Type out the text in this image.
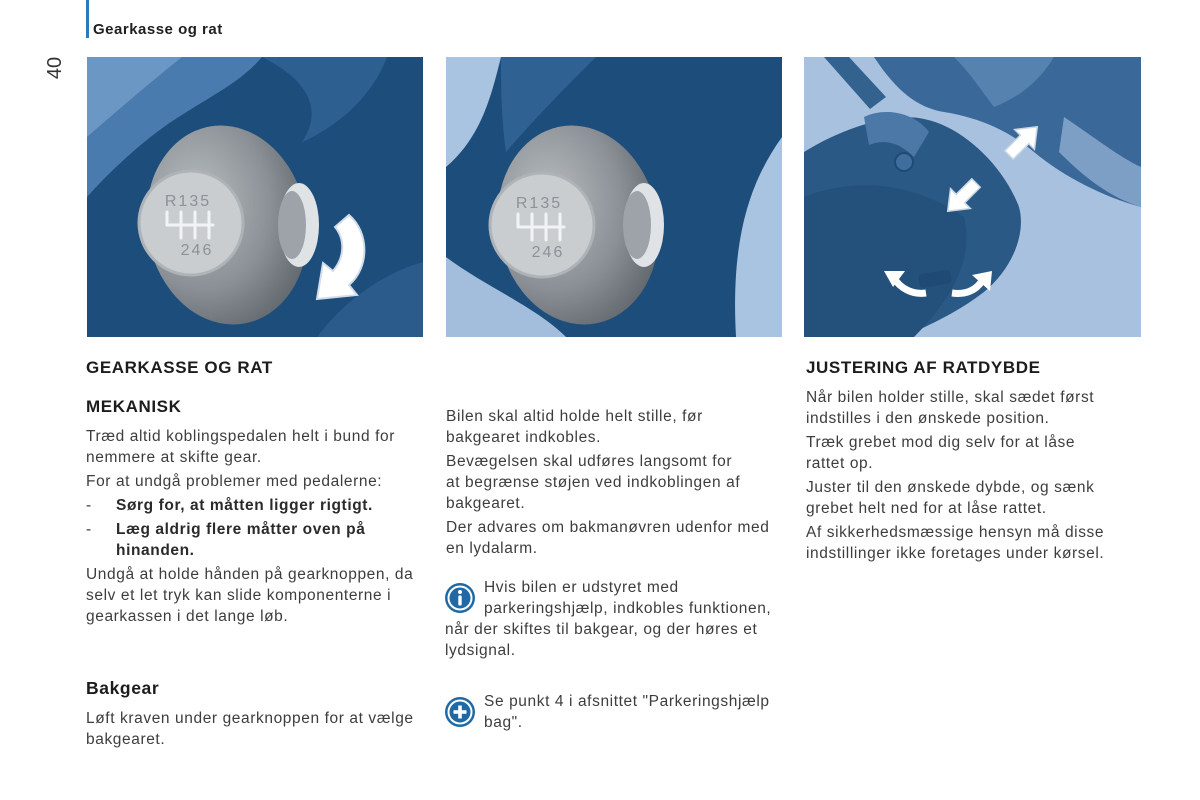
Gearkasse og rat
40
R135
246
R135
246
GEARKASSE OG RAT
MEKANISK

Træd altid koblingspedalen helt i bund for
nemmere at skifte gear.

For at undgå problemer med pedalerne:

-	Sørg for, at måtten ligger rigtigt.
-	Læg aldrig flere måtter oven på
hinanden.

Undgå at holde hånden på gearknoppen, da
selv et let tryk kan slide komponenterne i
gearkassen i det lange løb.

Bakgear

Løft kraven under gearknoppen for at vælge
bakgearet.

Bilen skal altid holde helt stille, før
bakgearet indkobles.

Bevægelsen skal udføres langsomt for
at begrænse støjen ved indkoblingen af
bakgearet.

Der advares om bakmanøvren udenfor med
en lydalarm.

Hvis bilen er udstyret med
parkeringshjælp, indkobles funktionen,
når der skiftes til bakgear, og der høres et
lydsignal.

Se punkt 4 i afsnittet "Parkeringshjælp
bag".

JUSTERING AF RATDYBDE

Når bilen holder stille, skal sædet først
indstilles i den ønskede position.

Træk grebet mod dig selv for at låse
rattet op.

Juster til den ønskede dybde, og sænk
grebet helt ned for at låse rattet.

Af sikkerhedsmæssige hensyn må disse
indstillinger ikke foretages under kørsel.
